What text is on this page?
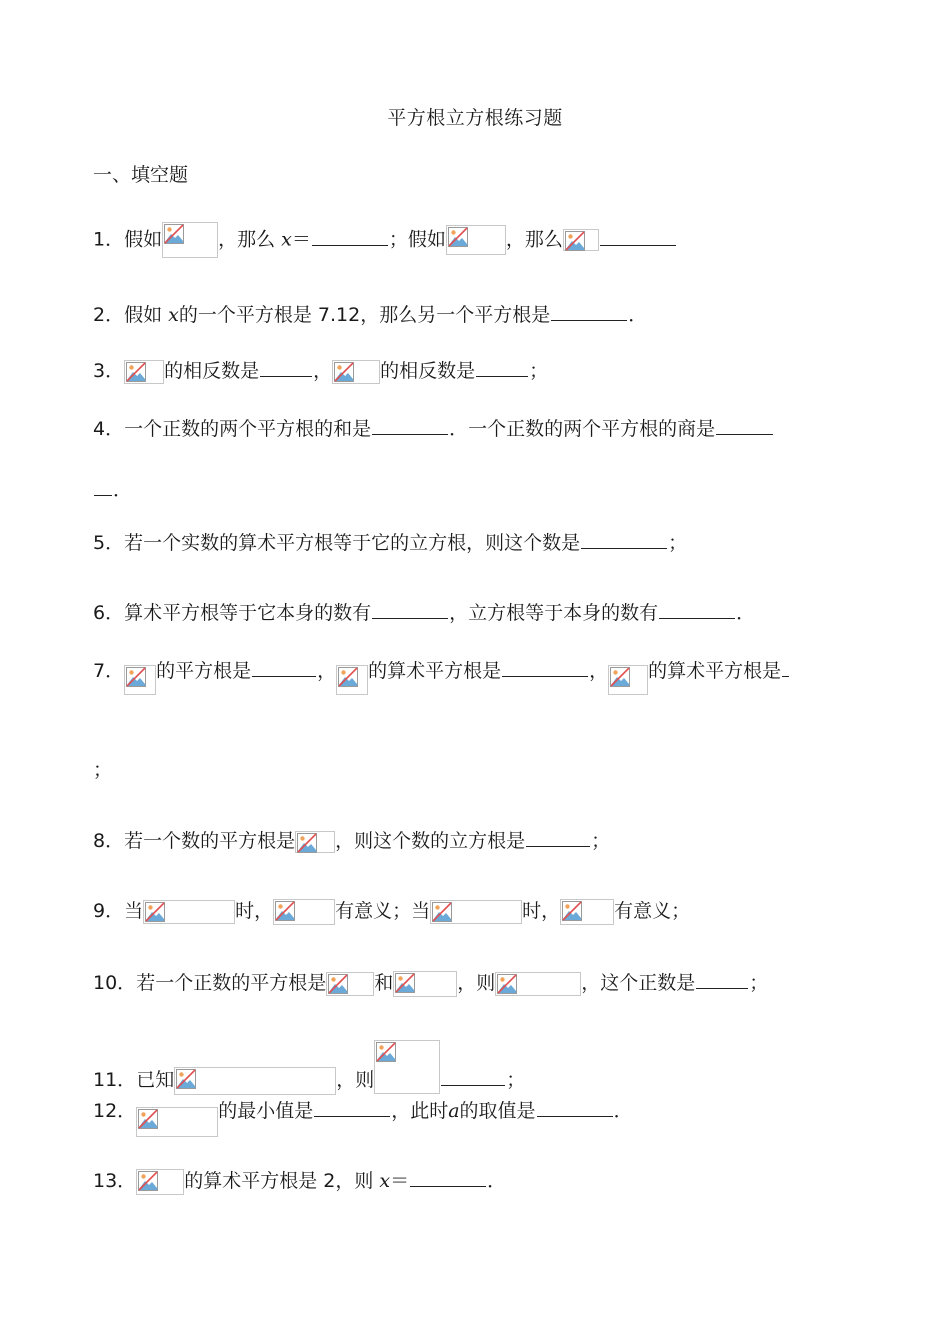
平方根立方根练习题
一、填空题
1．假如	，那么 x＝	；假如	，那么
2．假如 x的一个平方根是 7.12，那么另一个平方根是	．
3． 的相反数是	，	的相反数是	；
4．一个正数的两个平方根的和是	．一个正数的两个平方根的商是
．
5．若一个实数的算术平方根等于它的立方根，则这个数是	；
6．算术平方根等于它本身的数有	，立方根等于本身的数有	．
7． 的平方根是	， 的算术平方根是	， 的算术平方根是
；
8．若一个数的平方根是 ，则这个数的立方根是	；
9．当	时，	有意义；当	时，	有意义；
10．若一个正数的平方根是	和	，则	，这个正数是	；
11．已知	，则	；
12．	的最小值是	，此时a的取值是	．
13．	的算术平方根是 2，则 x＝	．
